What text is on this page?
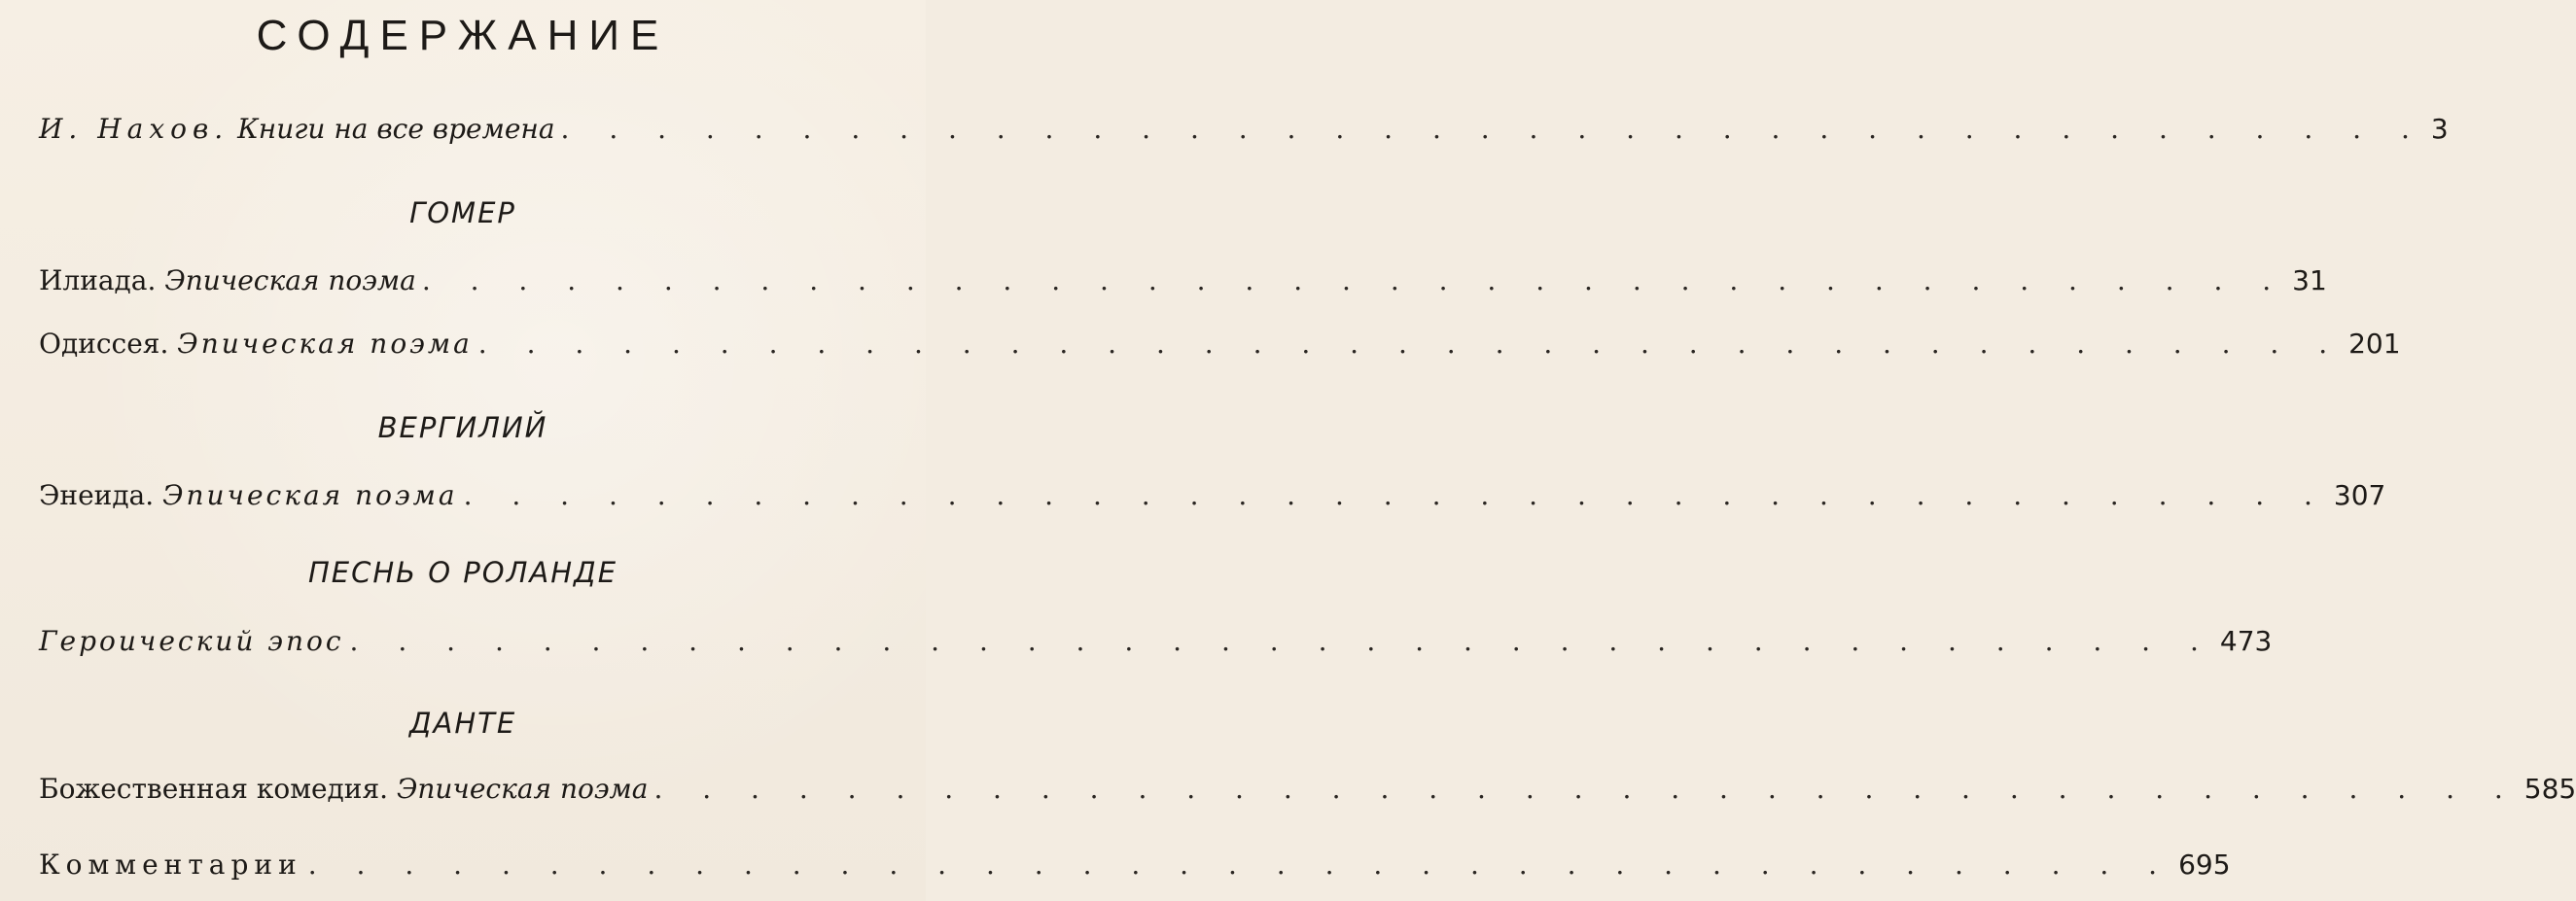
СОДЕРЖАНИЕ
И. Нахов. Книги на все времена . . . . . . . . . . . . . . . . . . . . . . . . . . . . . . . . . . . . . . . 3
ГОМЕР
Илиада. Эпическая поэма . . . . . . . . . . . . . . . . . . . . . . . . . . . . . . . . . . . . . . . 31
Одиссея. Эпическая поэма . . . . . . . . . . . . . . . . . . . . . . . . . . . . . . . . . . . . . . . 201
ВЕРГИЛИЙ
Энеида. Эпическая поэма . . . . . . . . . . . . . . . . . . . . . . . . . . . . . . . . . . . . . . . 307
ПЕСНЬ О РОЛАНДЕ
Героический эпос . . . . . . . . . . . . . . . . . . . . . . . . . . . . . . . . . . . . . . . 473
ДАНТЕ
Божественная комедия. Эпическая поэма . . . . . . . . . . . . . . . . . . . . . . . . . . . . . . . . . . . . . . . 585
Комментарии . . . . . . . . . . . . . . . . . . . . . . . . . . . . . . . . . . . . . . . 695
